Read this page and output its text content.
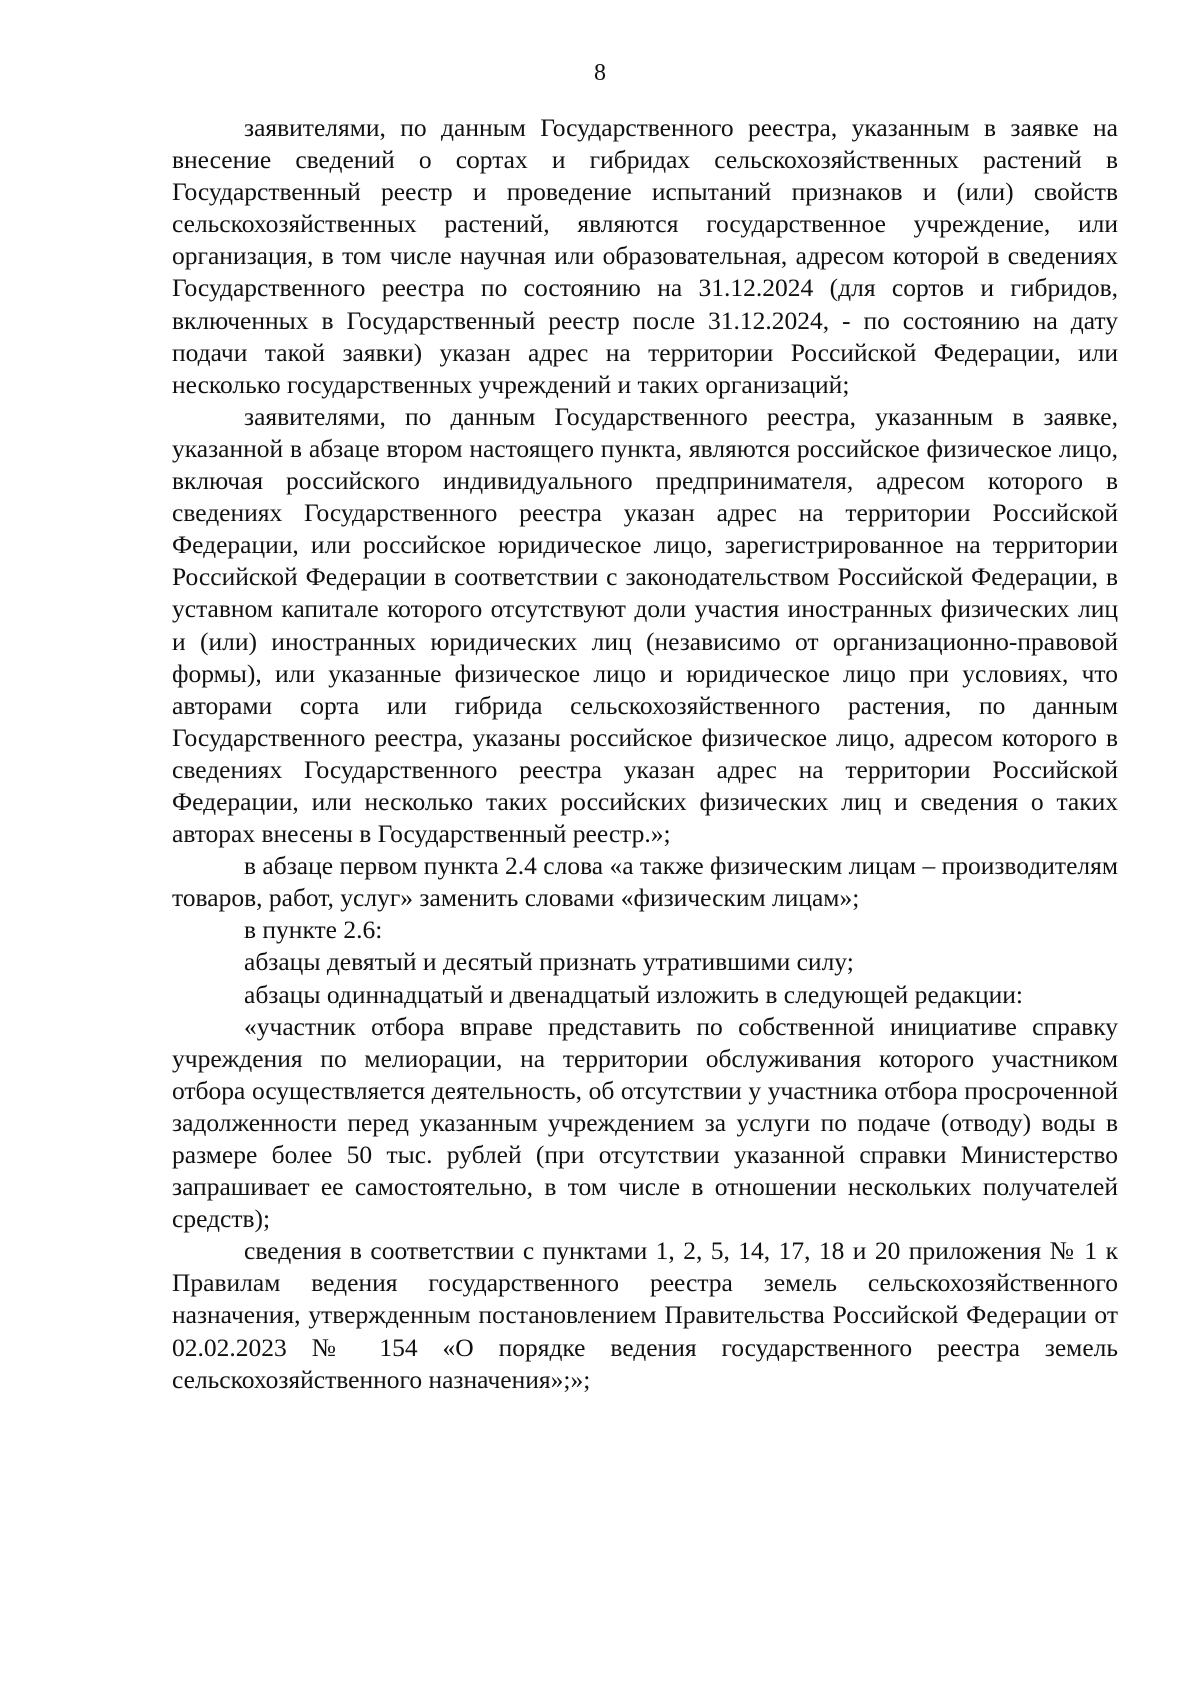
8

заявителями, по данным Государственного реестра, указанным в заявке на внесение сведений о сортах и гибридах сельскохозяйственных растений в Государственный реестр и проведение испытаний признаков и (или) свойств сельскохозяйственных растений, являются государственное учреждение, или организация, в том числе научная или образовательная, адресом которой в сведениях Государственного реестра по состоянию на 31.12.2024 (для сортов и гибридов, включенных в Государственный реестр после 31.12.2024, - по состоянию на дату подачи такой заявки) указан адрес на территории Российской Федерации, или несколько государственных учреждений и таких организаций;

заявителями, по данным Государственного реестра, указанным в заявке, указанной в абзаце втором настоящего пункта, являются российское физическое лицо, включая российского индивидуального предпринимателя, адресом которого в сведениях Государственного реестра указан адрес на территории Российской Федерации, или российское юридическое лицо, зарегистрированное на территории Российской Федерации в соответствии с законодательством Российской Федерации, в уставном капитале которого отсутствуют доли участия иностранных физических лиц и (или) иностранных юридических лиц (независимо от организационно-правовой формы), или указанные физическое лицо и юридическое лицо при условиях, что авторами сорта или гибрида сельскохозяйственного растения, по данным Государственного реестра, указаны российское физическое лицо, адресом которого в сведениях Государственного реестра указан адрес на территории Российской Федерации, или несколько таких российских физических лиц и сведения о таких авторах внесены в Государственный реестр.»;

в абзаце первом пункта 2.4 слова «а также физическим лицам – производителям товаров, работ, услуг» заменить словами «физическим лицам»;

в пункте 2.6:

абзацы девятый и десятый признать утратившими силу;

абзацы одиннадцатый и двенадцатый изложить в следующей редакции:

«участник отбора вправе представить по собственной инициативе справку учреждения по мелиорации, на территории обслуживания которого участником отбора осуществляется деятельность, об отсутствии у участника отбора просроченной задолженности перед указанным учреждением за услуги по подаче (отводу) воды в размере более 50 тыс. рублей (при отсутствии указанной справки Министерство запрашивает ее самостоятельно, в том числе в отношении нескольких получателей средств);

сведения в соответствии с пунктами 1, 2, 5, 14, 17, 18 и 20 приложения № 1 к Правилам ведения государственного реестра земель сельскохозяйственного назначения, утвержденным постановлением Правительства Российской Федерации от 02.02.2023 № 154 «О порядке ведения государственного реестра земель сельскохозяйственного назначения»;»;
